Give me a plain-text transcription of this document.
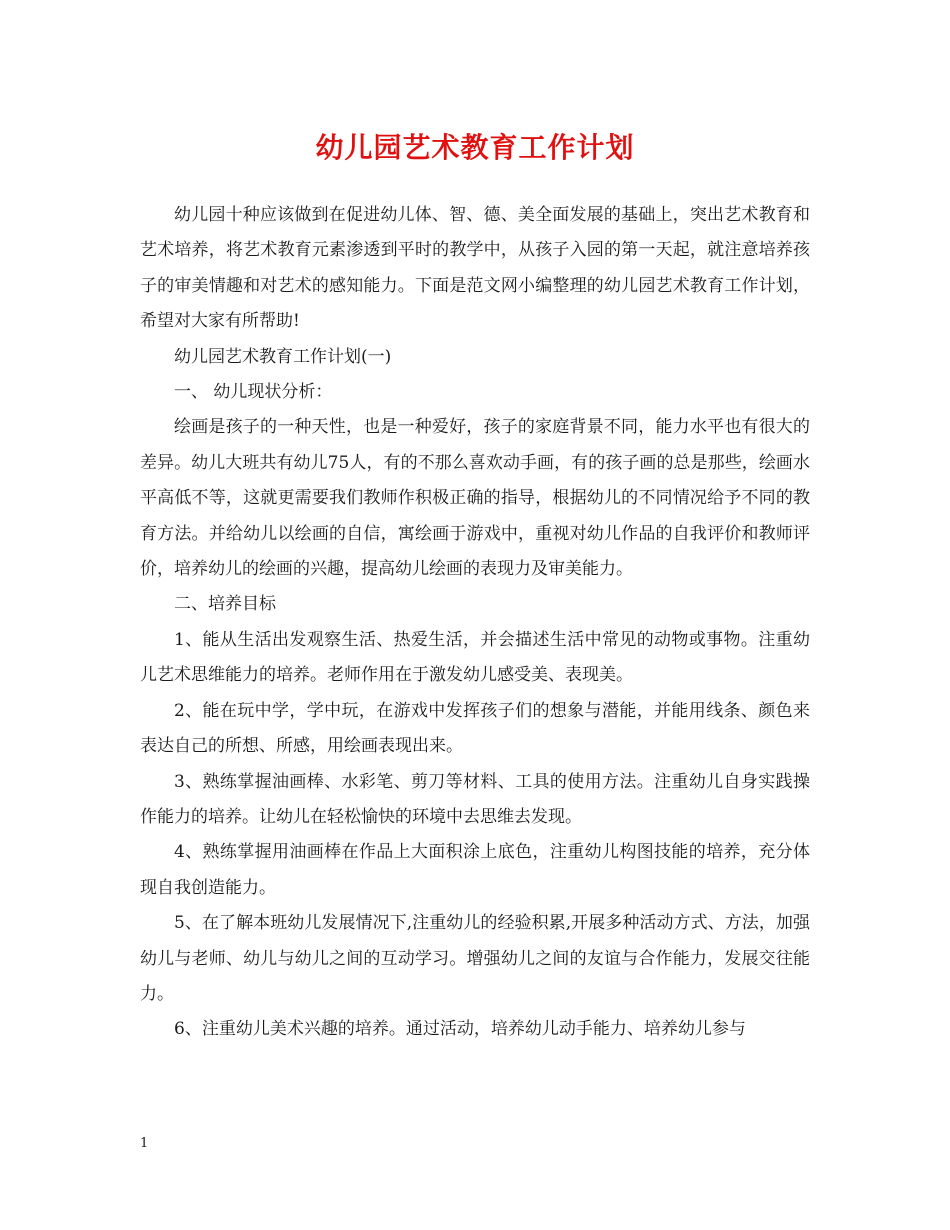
幼儿园艺术教育工作计划

幼儿园十种应该做到在促进幼儿体、智、德、美全面发展的基础上，突出艺术教育和艺术培养，将艺术教育元素渗透到平时的教学中，从孩子入园的第一天起，就注意培养孩子的审美情趣和对艺术的感知能力。下面是范文网小编整理的幼儿园艺术教育工作计划，希望对大家有所帮助!

幼儿园艺术教育工作计划(一)

一、 幼儿现状分析：

绘画是孩子的一种天性，也是一种爱好，孩子的家庭背景不同，能力水平也有很大的差异。幼儿大班共有幼儿75人，有的不那么喜欢动手画，有的孩子画的总是那些，绘画水平高低不等，这就更需要我们教师作积极正确的指导，根据幼儿的不同情况给予不同的教育方法。并给幼儿以绘画的自信，寓绘画于游戏中，重视对幼儿作品的自我评价和教师评价，培养幼儿的绘画的兴趣，提高幼儿绘画的表现力及审美能力。

二、培养目标

1、能从生活出发观察生活、热爱生活，并会描述生活中常见的动物或事物。注重幼儿艺术思维能力的培养。老师作用在于激发幼儿感受美、表现美。

2、能在玩中学，学中玩，在游戏中发挥孩子们的想象与潜能，并能用线条、颜色来表达自己的所想、所感，用绘画表现出来。

3、熟练掌握油画棒、水彩笔、剪刀等材料、工具的使用方法。注重幼儿自身实践操作能力的培养。让幼儿在轻松愉快的环境中去思维去发现。

4、熟练掌握用油画棒在作品上大面积涂上底色，注重幼儿构图技能的培养，充分体现自我创造能力。

5、在了解本班幼儿发展情况下,注重幼儿的经验积累,开展多种活动方式、方法，加强幼儿与老师、幼儿与幼儿之间的互动学习。增强幼儿之间的友谊与合作能力，发展交往能力。

6、注重幼儿美术兴趣的培养。通过活动，培养幼儿动手能力、培养幼儿参与

1
